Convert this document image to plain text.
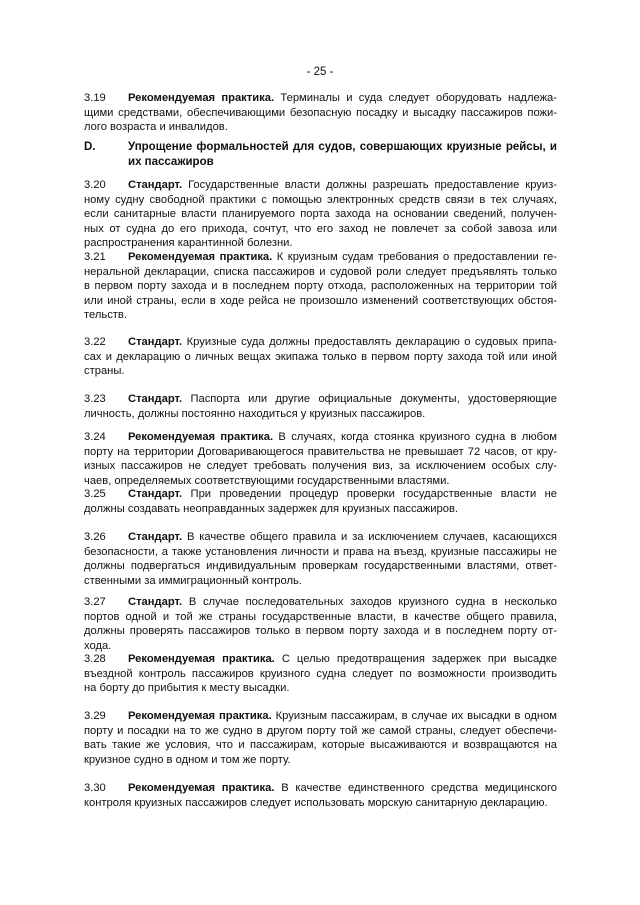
- 25 -
D.	Упрощение формальностей для судов, совершающих круизные рейсы, и
их пассажиров
3.19 Рекомендуемая практика. Терминалы и суда следует оборудовать надлежа-
щими средствами, обеспечивающими безопасную посадку и высадку пассажиров пожи-
лого возраста и инвалидов.
3.20 Стандарт. Государственные власти должны разрешать предоставление круиз-
ному судну свободной практики с помощью электронных средств связи в тех случаях,
если санитарные власти планируемого порта захода на основании сведений, получен-
ных от судна до его прихода, сочтут, что его заход не повлечет за собой завоза или
распространения карантинной болезни.
3.21 Рекомендуемая практика. К круизным судам требования о предоставлении ге-
неральной декларации, списка пассажиров и судовой роли следует предъявлять только
в первом порту захода и в последнем порту отхода, расположенных на территории той
или иной страны, если в ходе рейса не произошло изменений соответствующих обстоя-
тельств.
3.22 Стандарт. Круизные суда должны предоставлять декларацию о судовых припа-
сах и декларацию о личных вещах экипажа только в первом порту захода той или иной
страны.
3.23 Стандарт. Паспорта или другие официальные документы, удостоверяющие
личность, должны постоянно находиться у круизных пассажиров.
3.24 Рекомендуемая практика. В случаях, когда стоянка круизного судна в любом
порту на территории Договаривающегося правительства не превышает 72 часов, от кру-
изных пассажиров не следует требовать получения виз, за исключением особых слу-
чаев, определяемых соответствующими государственными властями.
3.25 Стандарт. При проведении процедур проверки государственные власти не
должны создавать неоправданных задержек для круизных пассажиров.
3.26 Стандарт. В качестве общего правила и за исключением случаев, касающихся
безопасности, а также установления личности и права на въезд, круизные пассажиры не
должны подвергаться индивидуальным проверкам государственными властями, ответ-
ственными за иммиграционный контроль.
3.27 Стандарт. В случае последовательных заходов круизного судна в несколько
портов одной и той же страны государственные власти, в качестве общего правила,
должны проверять пассажиров только в первом порту захода и в последнем порту от-
хода.
3.28 Рекомендуемая практика. С целью предотвращения задержек при высадке
въездной контроль пассажиров круизного судна следует по возможности производить
на борту до прибытия к месту высадки.
3.29 Рекомендуемая практика. Круизным пассажирам, в случае их высадки в одном
порту и посадки на то же судно в другом порту той же самой страны, следует обеспечи-
вать такие же условия, что и пассажирам, которые высаживаются и возвращаются на
круизное судно в одном и том же порту.
3.30 Рекомендуемая практика. В качестве единственного средства медицинского
контроля круизных пассажиров следует использовать морскую санитарную декларацию.
